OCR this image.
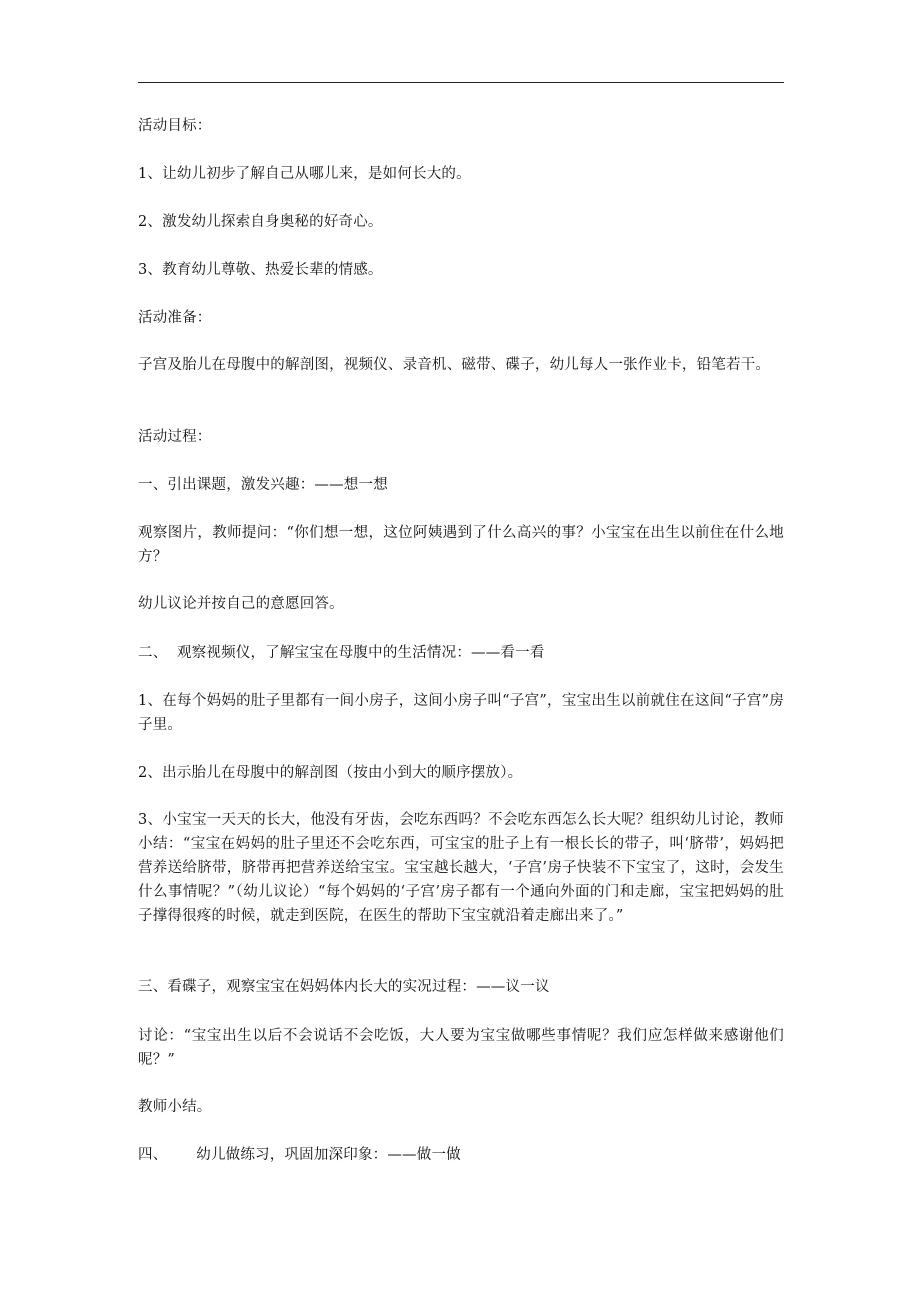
活动目标：

1、让幼儿初步了解自己从哪儿来，是如何长大的。

2、激发幼儿探索自身奥秘的好奇心。

3、教育幼儿尊敬、热爱长辈的情感。

活动准备：

子宫及胎儿在母腹中的解剖图，视频仪、录音机、磁带、碟子，幼儿每人一张作业卡，铅笔若干。

活动过程：

一、引出课题，激发兴趣：——想一想

观察图片，教师提问：“你们想一想，这位阿姨遇到了什么高兴的事？小宝宝在出生以前住在什么地方？

幼儿议论并按自己的意愿回答。

二、  观察视频仪，了解宝宝在母腹中的生活情况：——看一看

1、在每个妈妈的肚子里都有一间小房子，这间小房子叫“子宫”，宝宝出生以前就住在这间“子宫”房子里。

2、出示胎儿在母腹中的解剖图（按由小到大的顺序摆放）。

3、小宝宝一天天的长大，他没有牙齿，会吃东西吗？不会吃东西怎么长大呢？组织幼儿讨论，教师小结：“宝宝在妈妈的肚子里还不会吃东西，可宝宝的肚子上有一根长长的带子，叫‘脐带’，妈妈把营养送给脐带，脐带再把营养送给宝宝。宝宝越长越大，‘子宫’房子快装不下宝宝了，这时，会发生什么事情呢？”（幼儿议论）“每个妈妈的‘子宫’房子都有一个通向外面的门和走廊，宝宝把妈妈的肚子撑得很疼的时候，就走到医院，在医生的帮助下宝宝就沿着走廊出来了。”

三、看碟子，观察宝宝在妈妈体内长大的实况过程：——议一议

讨论：“宝宝出生以后不会说话不会吃饭，大人要为宝宝做哪些事情呢？我们应怎样做来感谢他们呢？”

教师小结。

四、      幼儿做练习，巩固加深印象：——做一做
